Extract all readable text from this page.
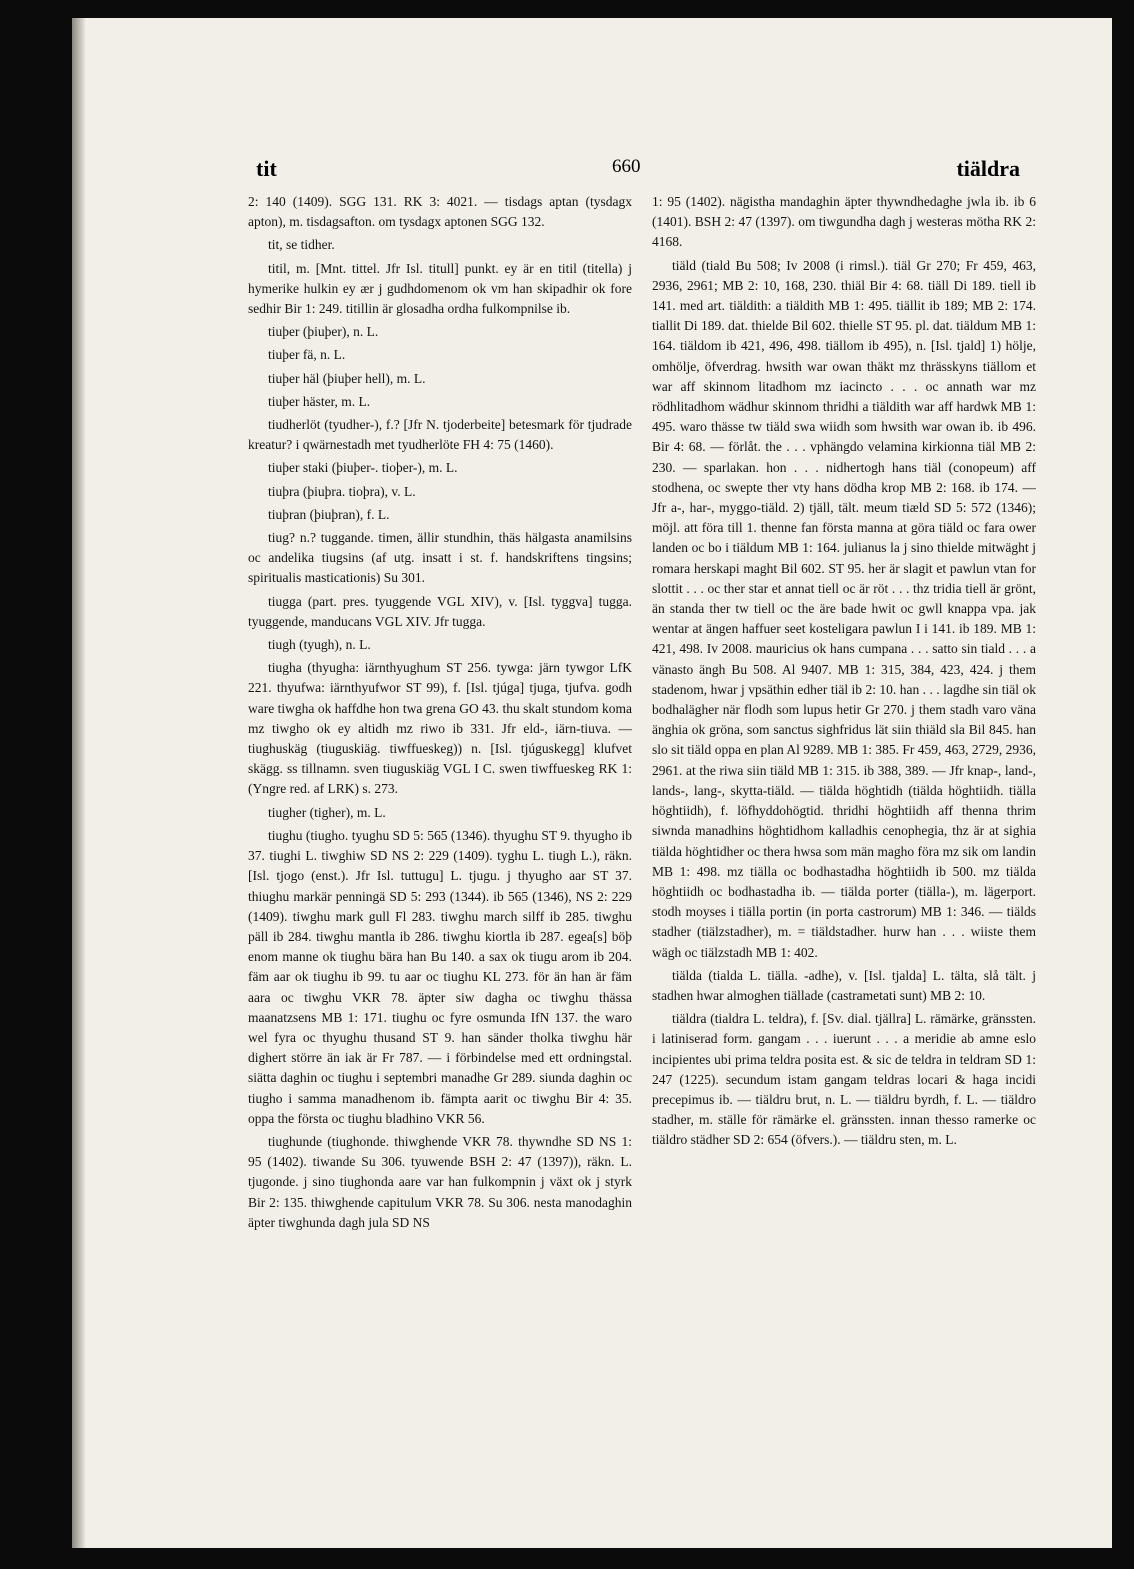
tit	660	tiäldra

2: 140 (1409). SGG 131. RK 3: 4021. — tisdags aptan (tysdagx apton), m. tisdagsafton. om tysdagx aptonen SGG 132.

tit, se tidher.

titil, m. [Mnt. tittel. Jfr Isl. titull] punkt. ey är en titil (titella) j hymerike hulkin ey ær j gudhdomenom ok vm han skipadhir ok fore sedhir Bir 1: 249. titillin är glosadha ordha fulkompnilse ib.

tiuþer (þiuþer), n. L.

tiuþer fä, n. L.

tiuþer häl (þiuþer hell), m. L.

tiuþer häster, m. L.

tiudherlöt (tyudher-), f.? [Jfr N. tjoderbeite] betesmark för tjudrade kreatur? i qwärnestadh met tyudherlöte FH 4: 75 (1460).

tiuþer staki (þiuþer-. tioþer-), m. L.

tiuþra (þiuþra. tioþra), v. L.

tiuþran (þiuþran), f. L.

tiug? n.? tuggande. timen, ällir stundhin, thäs hälgasta anamilsins oc andelika tiugsins (af utg. insatt i st. f. handskriftens tingsins; spiritualis masticationis) Su 301.

tiugga (part. pres. tyuggende VGL XIV), v. [Isl. tyggva] tugga. tyuggende, manducans VGL XIV. Jfr tugga.

tiugh (tyugh), n. L.

tiugha (thyugha: iärnthyughum ST 256. tywga: järn tywgor LfK 221. thyufwa: iärnthyufwor ST 99), f. [Isl. tjúga] tjuga, tjufva. godh ware tiwgha ok haffdhe hon twa grena GO 43. thu skalt stundom koma mz tiwgho ok ey altidh mz riwo ib 331. Jfr eld-, iärn-tiuva. — tiughuskäg (tiuguskiäg. tiwffueskeg)) n. [Isl. tjúguskegg] klufvet skägg. ss tillnamn. sven tiuguskiäg VGL I C. swen tiwffueskeg RK 1: (Yngre red. af LRK) s. 273.

tiugher (tigher), m. L.

tiughu (tiugho. tyughu SD 5: 565 (1346). thyughu ST 9. thyugho ib 37. tiughi L. tiwghiw SD NS 2: 229 (1409). tyghu L. tiugh L.), räkn. [Isl. tjogo (enst.). Jfr Isl. tuttugu] L. tjugu. j thyugho aar ST 37. thiughu markär penningä SD 5: 293 (1344). ib 565 (1346), NS 2: 229 (1409). tiwghu mark gull Fl 283. tiwghu march silff ib 285. tiwghu päll ib 284. tiwghu mantla ib 286. tiwghu kiortla ib 287. egea[s] böþ enom manne ok tiughu bära han Bu 140. a sax ok tiugu arom ib 204. fäm aar ok tiughu ib 99. tu aar oc tiughu KL 273. för än han är fäm aara oc tiwghu VKR 78. äpter siw dagha oc tiwghu thässa maanatzsens MB 1: 171. tiughu oc fyre osmunda IfN 137. the waro wel fyra oc thyughu thusand ST 9. han sänder tholka tiwghu här dighert större än iak är Fr 787. — i förbindelse med ett ordningstal. siätta daghin oc tiughu i septembri manadhe Gr 289. siunda daghin oc tiugho i samma manadhenom ib. fämpta aarit oc tiwghu Bir 4: 35. oppa the första oc tiughu bladhino VKR 56.

tiughunde (tiughonde. thiwghende VKR 78. thywndhe SD NS 1: 95 (1402). tiwande Su 306. tyuwende BSH 2: 47 (1397)), räkn. L. tjugonde. j sino tiughonda aare var han fulkompnin j växt ok j styrk Bir 2: 135. thiwghende capitulum VKR 78. Su 306. nesta manodaghin äpter tiwghunda dagh jula SD NS

1: 95 (1402). nägistha mandaghin äpter thywndhedaghe jwla ib. ib 6 (1401). BSH 2: 47 (1397). om tiwgundha dagh j westeras mötha RK 2: 4168.

tiäld (tiald Bu 508; Iv 2008 (i rimsl.). tiäl Gr 270; Fr 459, 463, 2936, 2961; MB 2: 10, 168, 230. thiäl Bir 4: 68. tiäll Di 189. tiell ib 141. med art. tiäldith: a tiäldith MB 1: 495. tiällit ib 189; MB 2: 174. tiallit Di 189. dat. thielde Bil 602. thielle ST 95. pl. dat. tiäldum MB 1: 164. tiäldom ib 421, 496, 498. tiällom ib 495), n. [Isl. tjald] 1) hölje, omhölje, öfverdrag. hwsith war owan thäkt mz thrässkyns tiällom et war aff skinnom litadhom mz iacincto . . . oc annath war mz rödhlitadhom wädhur skinnom thridhi a tiäldith war aff hardwk MB 1: 495. waro thässe tw tiäld swa wiidh som hwsith war owan ib. ib 496. Bir 4: 68. — förlåt. the . . . vphängdo velamina kirkionna tiäl MB 2: 230. — sparlakan. hon . . . nidhertogh hans tiäl (conopeum) aff stodhena, oc swepte ther vty hans dödha krop MB 2: 168. ib 174. — Jfr a-, har-, myggo-tiäld. 2) tjäll, tält. meum tiæld SD 5: 572 (1346); möjl. att föra till 1. thenne fan första manna at göra tiäld oc fara ower landen oc bo i tiäldum MB 1: 164. julianus la j sino thielde mitwäght j romara herskapi maght Bil 602. ST 95. her är slagit et pawlun vtan for slottit . . . oc ther star et annat tiell oc är röt . . . thz tridia tiell är grönt, än standa ther tw tiell oc the äre bade hwit oc gwll knappa vpa. jak wentar at ängen haffuer seet kosteligara pawlun I i 141. ib 189. MB 1: 421, 498. Iv 2008. mauricius ok hans cumpana . . . satto sin tiald . . . a vänasto ängh Bu 508. Al 9407. MB 1: 315, 384, 423, 424. j them stadenom, hwar j vpsäthin edher tiäl ib 2: 10. han . . . lagdhe sin tiäl ok bodhalägher när flodh som lupus hetir Gr 270. j them stadh varo väna änghia ok gröna, som sanctus sighfridus lät siin thiäld sla Bil 845. han slo sit tiäld oppa en plan Al 9289. MB 1: 385. Fr 459, 463, 2729, 2936, 2961. at the riwa siin tiäld MB 1: 315. ib 388, 389. — Jfr knap-, land-, lands-, lang-, skytta-tiäld. — tiälda höghtidh (tiälda höghtiidh. tiälla höghtiidh), f. löfhyddohögtid. thridhi höghtiidh aff thenna thrim siwnda manadhins höghtidhom kalladhis cenophegia, thz är at sighia tiälda höghtidher oc thera hwsa som män magho föra mz sik om landin MB 1: 498. mz tiälla oc bodhastadha höghtiidh ib 500. mz tiälda höghtiidh oc bodhastadha ib. — tiälda porter (tiälla-), m. lägerport. stodh moyses i tiälla portin (in porta castrorum) MB 1: 346. — tiälds stadher (tiälzstadher), m. = tiäldstadher. hurw han . . . wiiste them wägh oc tiälzstadh MB 1: 402.

tiälda (tialda L. tiälla. -adhe), v. [Isl. tjalda] L. tälta, slå tält. j stadhen hwar almoghen tiällade (castrametati sunt) MB 2: 10.

tiäldra (tialdra L. teldra), f. [Sv. dial. tjällra] L. rämärke, gränssten. i latiniserad form. gangam . . . iuerunt . . . a meridie ab amne eslo incipientes ubi prima teldra posita est. & sic de teldra in teldram SD 1: 247 (1225). secundum istam gangam teldras locari & haga incidi precepimus ib. — tiäldru brut, n. L. — tiäldru byrdh, f. L. — tiäldro stadher, m. ställe för rämärke el. gränssten. innan thesso ramerke oc tiäldro städher SD 2: 654 (öfvers.). — tiäldru sten, m. L.
